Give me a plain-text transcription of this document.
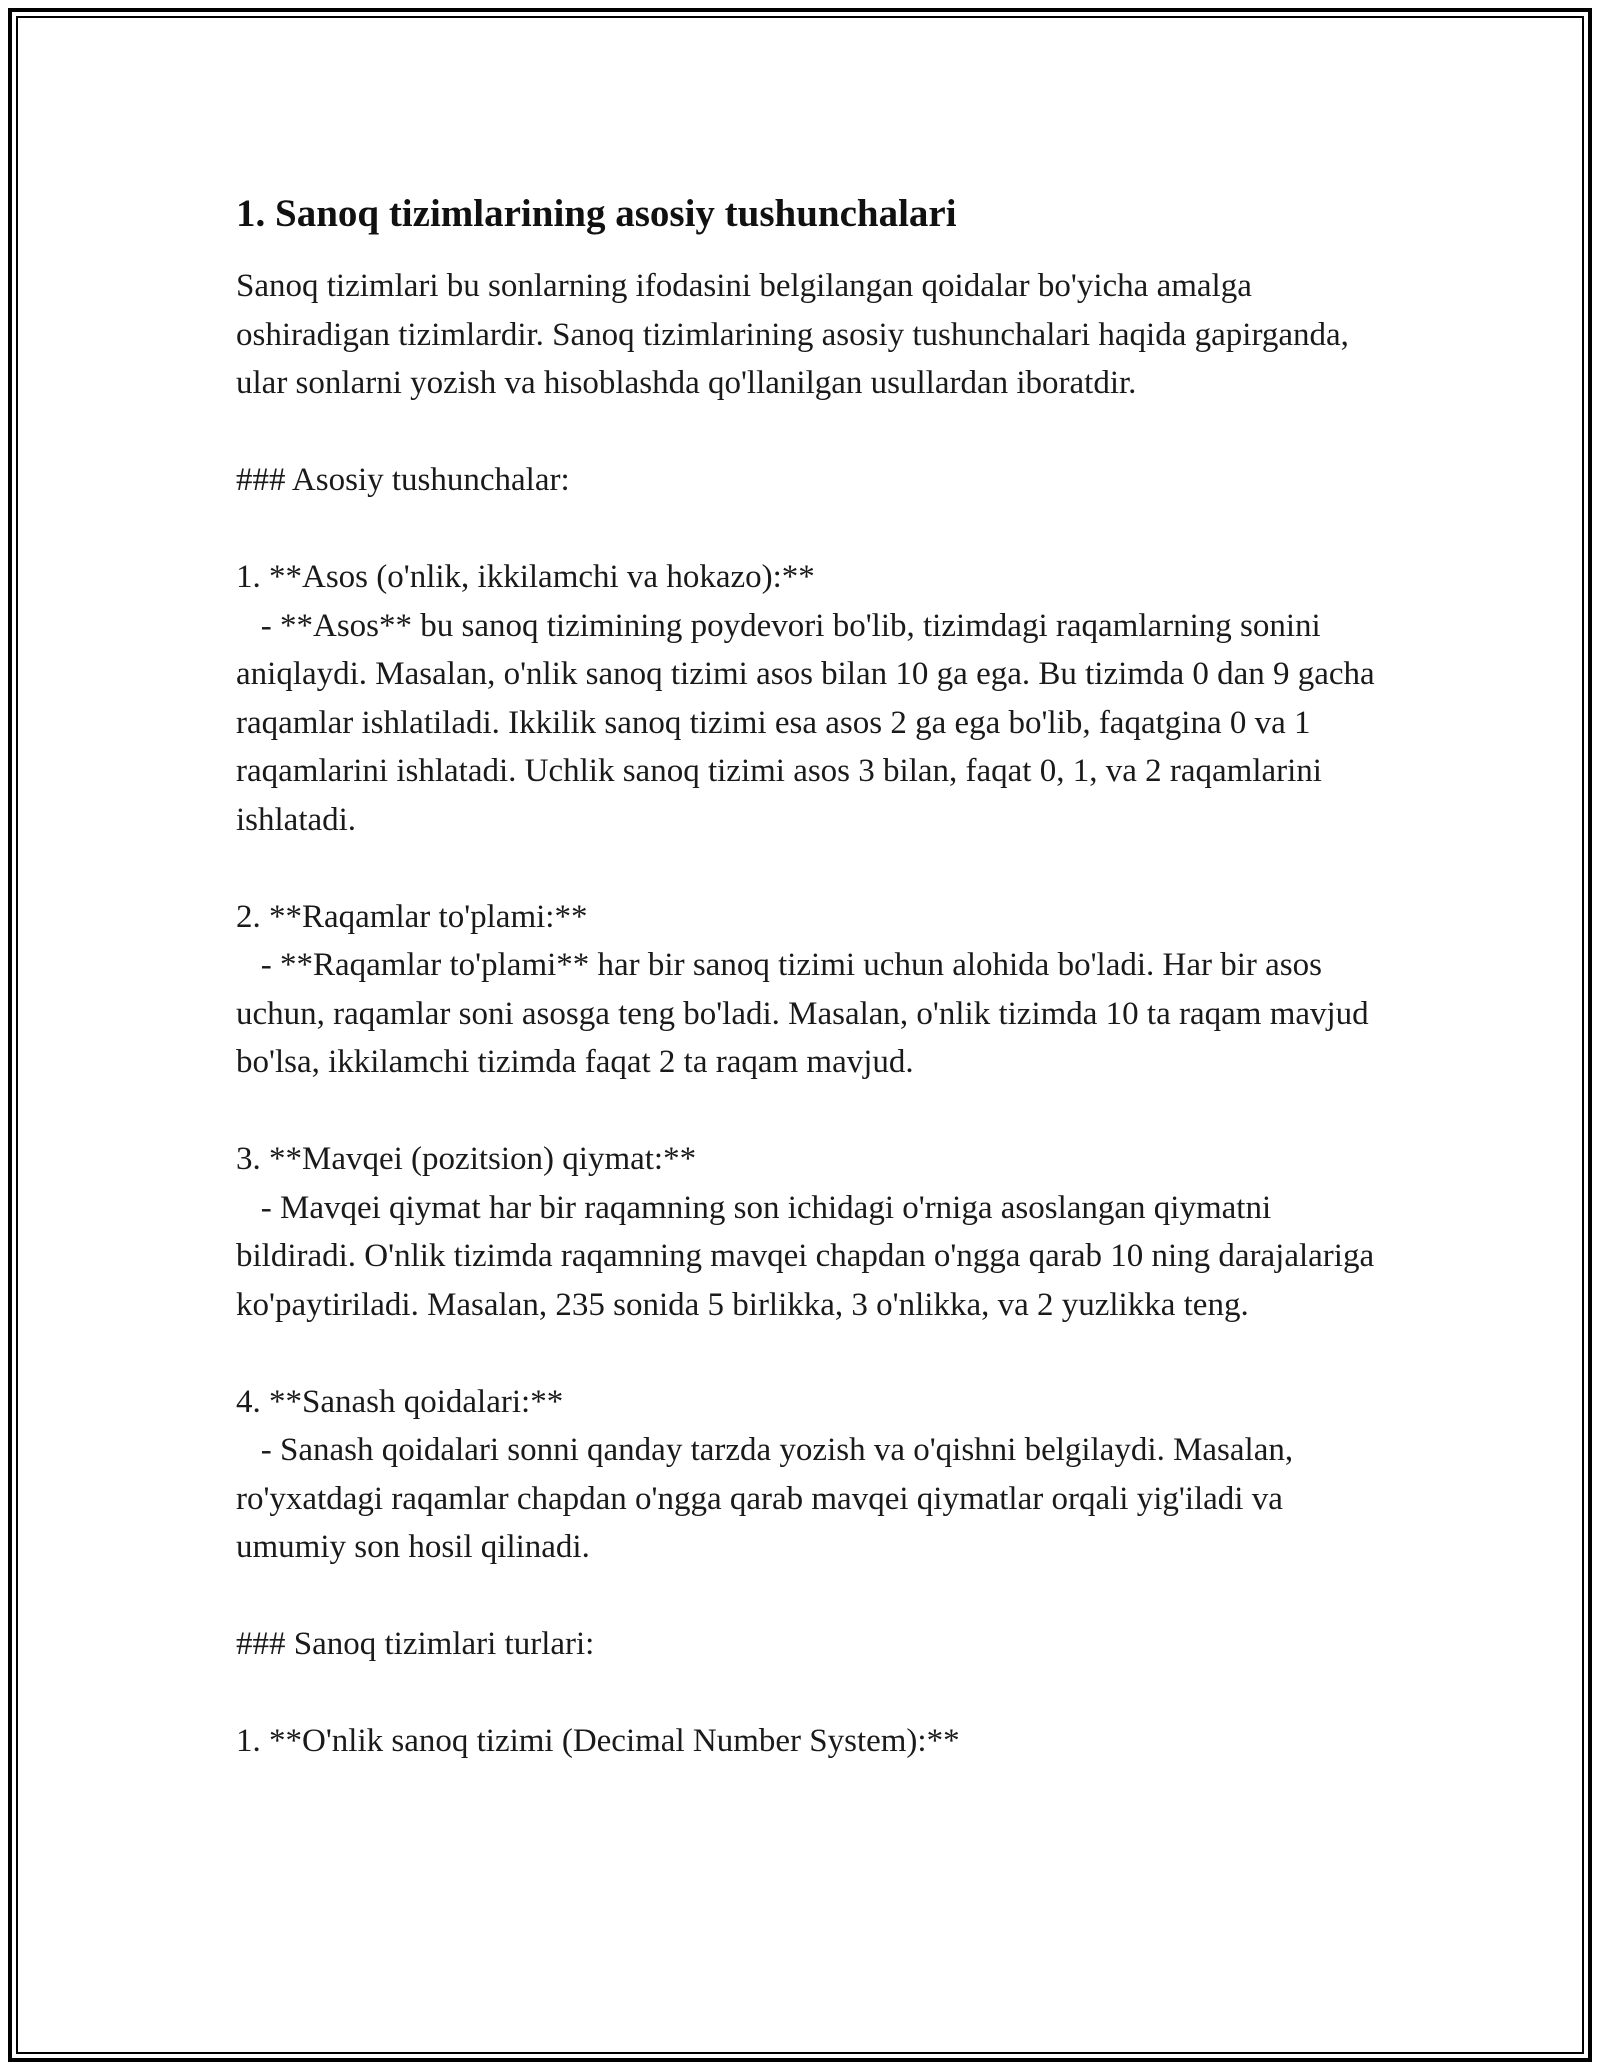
1. Sanoq tizimlarining asosiy tushunchalari

Sanoq tizimlari bu sonlarning ifodasini belgilangan qoidalar bo'yicha amalga oshiradigan tizimlardir. Sanoq tizimlarining asosiy tushunchalari haqida gapirganda, ular sonlarni yozish va hisoblashda qo'llanilgan usullardan iboratdir.

### Asosiy tushunchalar:

1. **Asos (o'nlik, ikkilamchi va hokazo):**

- **Asos** bu sanoq tizimining poydevori bo'lib, tizimdagi raqamlarning sonini aniqlaydi. Masalan, o'nlik sanoq tizimi asos bilan 10 ga ega. Bu tizimda 0 dan 9 gacha raqamlar ishlatiladi. Ikkilik sanoq tizimi esa asos 2 ga ega bo'lib, faqatgina 0 va 1 raqamlarini ishlatadi. Uchlik sanoq tizimi asos 3 bilan, faqat 0, 1, va 2 raqamlarini ishlatadi.

2. **Raqamlar to'plami:**

- **Raqamlar to'plami** har bir sanoq tizimi uchun alohida bo'ladi. Har bir asos uchun, raqamlar soni asosga teng bo'ladi. Masalan, o'nlik tizimda 10 ta raqam mavjud bo'lsa, ikkilamchi tizimda faqat 2 ta raqam mavjud.

3. **Mavqei (pozitsion) qiymat:**

- Mavqei qiymat har bir raqamning son ichidagi o'rniga asoslangan qiymatni bildiradi. O'nlik tizimda raqamning mavqei chapdan o'ngga qarab 10 ning darajalariga ko'paytiriladi. Masalan, 235 sonida 5 birlikka, 3 o'nlikka, va 2 yuzlikka teng.

4. **Sanash qoidalari:**

- Sanash qoidalari sonni qanday tarzda yozish va o'qishni belgilaydi. Masalan, ro'yxatdagi raqamlar chapdan o'ngga qarab mavqei qiymatlar orqali yig'iladi va umumiy son hosil qilinadi.

### Sanoq tizimlari turlari:

1. **O'nlik sanoq tizimi (Decimal Number System):**
